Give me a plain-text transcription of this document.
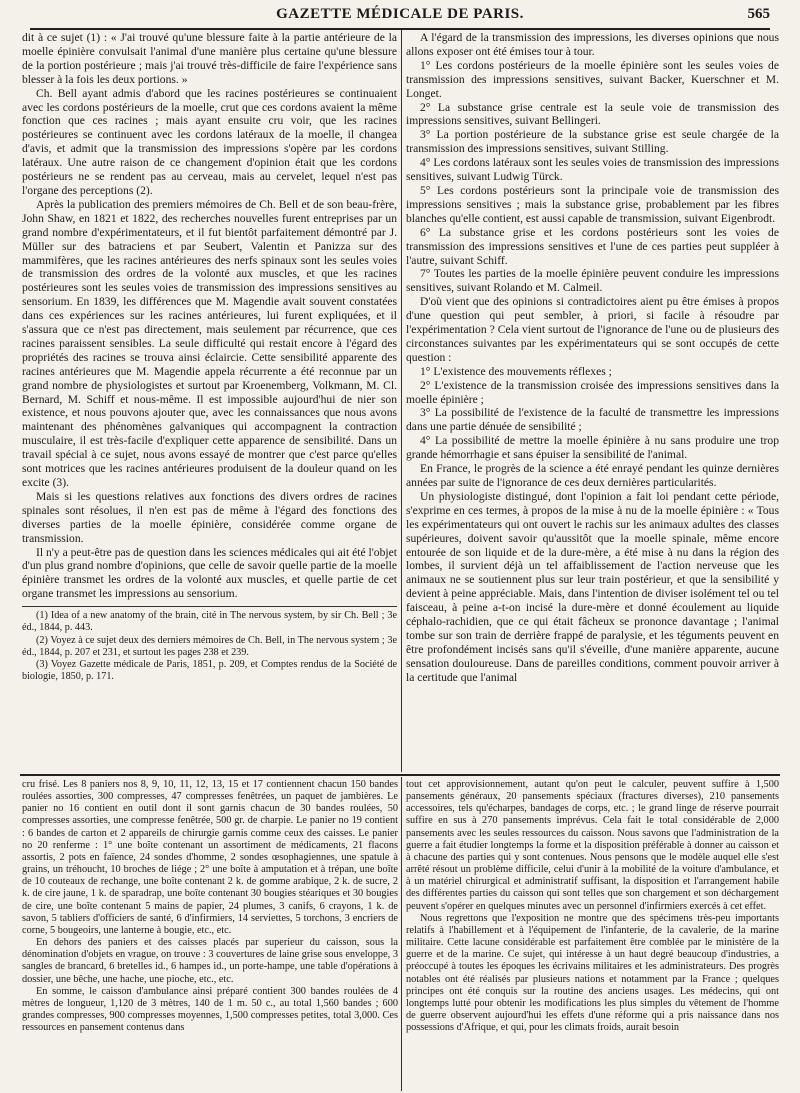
GAZETTE MÉDICALE DE PARIS.	565

dit à ce sujet (1) : « J'ai trouvé qu'une blessure faite à la partie antérieure de la moelle épinière convulsait l'animal d'une manière plus certaine qu'une blessure de la portion postérieure ; mais j'ai trouvé très-difficile de faire l'expérience sans blesser à la fois les deux portions. »

Ch. Bell ayant admis d'abord que les racines postérieures se continuaient avec les cordons postérieurs de la moelle, crut que ces cordons avaient la même fonction que ces racines ; mais ayant ensuite cru voir, que les racines postérieures se continuent avec les cordons latéraux de la moelle, il changea d'avis, et admit que la transmission des impressions s'opère par les cordons latéraux. Une autre raison de ce changement d'opinion était que les cordons postérieurs ne se rendent pas au cerveau, mais au cervelet, lequel n'est pas l'organe des perceptions (2).

Après la publication des premiers mémoires de Ch. Bell et de son beau-frère, John Shaw, en 1821 et 1822, des recherches nouvelles furent entreprises par un grand nombre d'expérimentateurs, et il fut bientôt parfaitement démontré par J. Müller sur des batraciens et par Seubert, Valentin et Panizza sur des mammifères, que les racines antérieures des nerfs spinaux sont les seules voies de transmission des ordres de la volonté aux muscles, et que les racines postérieures sont les seules voies de transmission des impressions sensitives au sensorium. En 1839, les différences que M. Magendie avait souvent constatées dans ces expériences sur les racines antérieures, lui furent expliquées, et il s'assura que ce n'est pas directement, mais seulement par récurrence, que ces racines paraissent sensibles. La seule difficulté qui restait encore à l'égard des propriétés des racines se trouva ainsi éclaircie. Cette sensibilité apparente des racines antérieures que M. Magendie appela récurrente a été reconnue par un grand nombre de physiologistes et surtout par Kroenemberg, Volkmann, M. Cl. Bernard, M. Schiff et nous-même. Il est impossible aujourd'hui de nier son existence, et nous pouvons ajouter que, avec les connaissances que nous avons maintenant des phénomènes galvaniques qui accompagnent la contraction musculaire, il est très-facile d'expliquer cette apparence de sensibilité. Dans un travail spécial à ce sujet, nous avons essayé de montrer que c'est parce qu'elles sont motrices que les racines antérieures produisent de la douleur quand on les excite (3).

Mais si les questions relatives aux fonctions des divers ordres de racines spinales sont résolues, il n'en est pas de même à l'égard des fonctions des diverses parties de la moelle épinière, considérée comme organe de transmission.

Il n'y a peut-être pas de question dans les sciences médicales qui ait été l'objet d'un plus grand nombre d'opinions, que celle de savoir quelle partie de la moelle épinière transmet les ordres de la volonté aux muscles, et quelle partie de cet organe transmet les impressions au sensorium.

(1) Idea of a new anatomy of the brain, cité in The nervous system, by sir Ch. Bell ; 3e éd., 1844, p. 443.

(2) Voyez à ce sujet deux des derniers mémoires de Ch. Bell, in The nervous system ; 3e éd., 1844, p. 207 et 231, et surtout les pages 238 et 239.

(3) Voyez Gazette médicale de Paris, 1851, p. 209, et Comptes rendus de la Société de biologie, 1850, p. 171.

A l'égard de la transmission des impressions, les diverses opinions que nous allons exposer ont été émises tour à tour.

1° Les cordons postérieurs de la moelle épinière sont les seules voies de transmission des impressions sensitives, suivant Backer, Kuerschner et M. Longet.

2° La substance grise centrale est la seule voie de transmission des impressions sensitives, suivant Bellingeri.

3° La portion postérieure de la substance grise est seule chargée de la transmission des impressions sensitives, suivant Stilling.

4° Les cordons latéraux sont les seules voies de transmission des impressions sensitives, suivant Ludwig Türck.

5° Les cordons postérieurs sont la principale voie de transmission des impressions sensitives ; mais la substance grise, probablement par les fibres blanches qu'elle contient, est aussi capable de transmission, suivant Eigenbrodt.

6° La substance grise et les cordons postérieurs sont les voies de transmission des impressions sensitives et l'une de ces parties peut suppléer à l'autre, suivant Schiff.

7° Toutes les parties de la moelle épinière peuvent conduire les impressions sensitives, suivant Rolando et M. Calmeil.

D'où vient que des opinions si contradictoires aient pu être émises à propos d'une question qui peut sembler, à priori, si facile à résoudre par l'expérimentation ? Cela vient surtout de l'ignorance de l'une ou de plusieurs des circonstances suivantes par les expérimentateurs qui se sont occupés de cette question :

1° L'existence des mouvements réflexes ;

2° L'existence de la transmission croisée des impressions sensitives dans la moelle épinière ;

3° La possibilité de l'existence de la faculté de transmettre les impressions dans une partie dénuée de sensibilité ;

4° La possibilité de mettre la moelle épinière à nu sans produire une trop grande hémorrhagie et sans épuiser la sensibilité de l'animal.

En France, le progrès de la science a été enrayé pendant les quinze dernières années par suite de l'ignorance de ces deux dernières particularités.

Un physiologiste distingué, dont l'opinion a fait loi pendant cette période, s'exprime en ces termes, à propos de la mise à nu de la moelle épinière : « Tous les expérimentateurs qui ont ouvert le rachis sur les animaux adultes des classes supérieures, doivent savoir qu'aussitôt que la moelle spinale, même encore entourée de son liquide et de la dure-mère, a été mise à nu dans la région des lombes, il survient déjà un tel affaiblissement de l'action nerveuse que les animaux ne se soutiennent plus sur leur train postérieur, et que la sensibilité y devient à peine appréciable. Mais, dans l'intention de diviser isolément tel ou tel faisceau, à peine a-t-on incisé la dure-mère et donné écoulement au liquide céphalo-rachidien, que ce qui était fâcheux se prononce davantage ; l'animal tombe sur son train de derrière frappé de paralysie, et les téguments peuvent en être profondément incisés sans qu'il s'éveille, d'une manière apparente, aucune sensation douloureuse. Dans de pareilles conditions, comment pouvoir arriver à la certitude que l'animal

cru frisé. Les 8 paniers nos 8, 9, 10, 11, 12, 13, 15 et 17 contiennent chacun 150 bandes roulées assorties, 300 compresses, 47 compresses fenêtrées, un paquet de jambières. Le panier no 16 contient en outil dont il sont garnis chacun de 30 bandes roulées, 50 compresses assorties, une compresse fenêtrée, 500 gr. de charpie. Le panier no 19 contient : 6 bandes de carton et 2 appareils de chirurgie garnis comme ceux des caisses. Le panier no 20 renferme : 1° une boîte contenant un assortiment de médicaments, 21 flacons assortis, 2 pots en faïence, 24 sondes d'homme, 2 sondes œsophagiennes, une spatule à grains, un tréhoucht, 10 broches de liége ; 2° une boîte à amputation et à trépan, une boîte de 10 couteaux de rechange, une boîte contenant 2 k. de gomme arabique, 2 k. de sucre, 2 k. de cire jaune, 1 k. de sparadrap, une boîte contenant 30 bougies stéariques et 30 bougies de cire, une boîte contenant 5 mains de papier, 24 plumes, 3 canifs, 6 crayons, 1 k. de savon, 5 tabliers d'officiers de santé, 6 d'infirmiers, 14 serviettes, 5 torchons, 3 encriers de corne, 5 bougeoirs, une lanterne à bougie, etc., etc.

En dehors des paniers et des caisses placés par superieur du caisson, sous la dénomination d'objets en vrague, on trouve : 3 couvertures de laine grise sous enveloppe, 3 sangles de brancard, 6 bretelles id., 6 hampes id., un porte-hampe, une table d'opérations à dossier, une bêche, une hache, une pioche, etc., etc.

En somme, le caisson d'ambulance ainsi préparé contient 300 bandes roulées de 4 mètres de longueur, 1,120 de 3 mètres, 140 de 1 m. 50 c., au total 1,560 bandes ; 600 grandes compresses, 900 compresses moyennes, 1,500 compresses petites, total 3,000. Ces ressources en pansement contenus dans

tout cet approvisionnement, autant qu'on peut le calculer, peuvent suffire à 1,500 pansements généraux, 20 pansements spéciaux (fractures diverses), 210 pansements accessoires, tels qu'écharpes, bandages de corps, etc. ; le grand linge de réserve pourrait suffire en sus à 270 pansements imprévus. Cela fait le total considérable de 2,000 pansements avec les seules ressources du caisson. Nous savons que l'administration de la guerre a fait étudier longtemps la forme et la disposition préférable à donner au caisson et à chacune des parties qui y sont contenues. Nous pensons que le modèle auquel elle s'est arrêté résout un problème difficile, celui d'unir à la mobilité de la voiture d'ambulance, et à un matériel chirurgical et administratif suffisant, la disposition et l'arrangement habile des différentes parties du caisson qui sont telles que son chargement et son déchargement peuvent s'opérer en quelques minutes avec un personnel d'infirmiers exercés à cet effet.

Nous regrettons que l'exposition ne montre que des spécimens très-peu importants relatifs à l'habillement et à l'équipement de l'infanterie, de la cavalerie, de la marine militaire. Cette lacune considérable est parfaitement être comblée par le ministère de la guerre et de la marine. Ce sujet, qui intéresse à un haut degré beaucoup d'industries, a préoccupé à toutes les époques les écrivains militaires et les administrateurs. Des progrès notables ont été réalisés par plusieurs nations et notamment par la France ; quelques principes ont été conquis sur la routine des anciens usages. Les médecins, qui ont longtemps lutté pour obtenir les modifications les plus simples du vêtement de l'homme de guerre observent aujourd'hui les effets d'une réforme qui a pris naissance dans nos possessions d'Afrique, et qui, pour les climats froids, aurait besoin
